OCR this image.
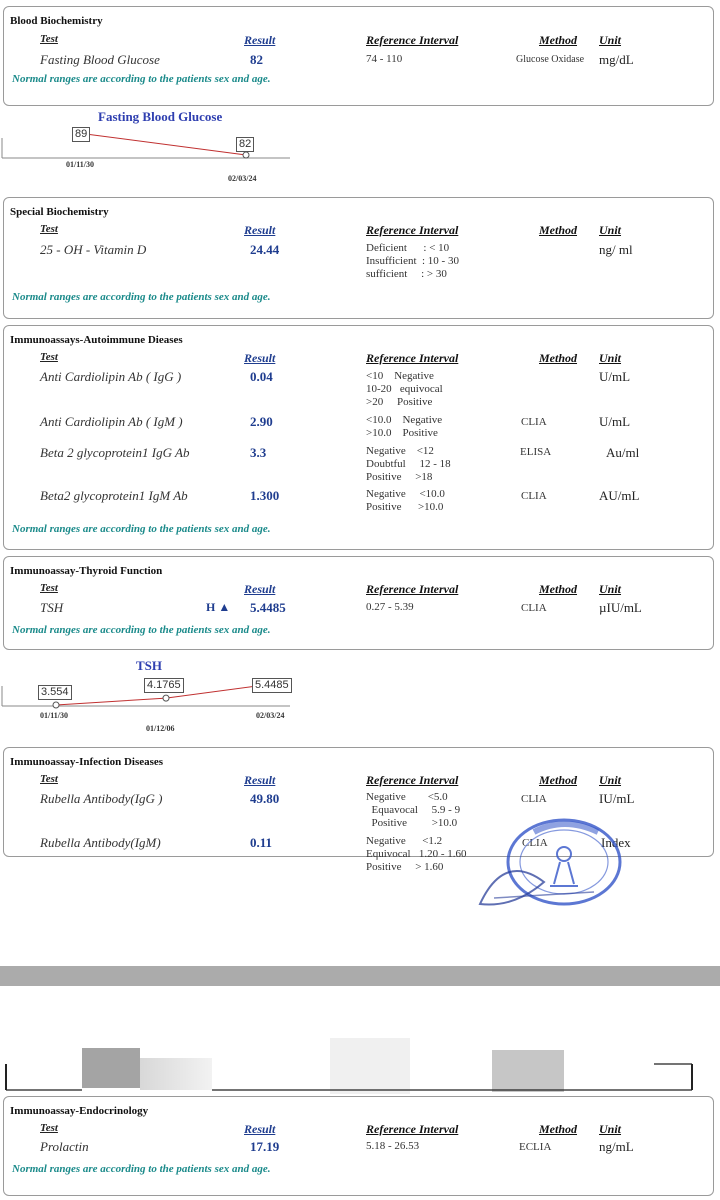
Blood Biochemistry
Test	Result	Reference Interval	Method Unit
Fasting Blood Glucose	82	74 - 110	Glucose Oxidase mg/dL
Normal ranges are according to the patients sex and age.
Fasting Blood Glucose
89
82
01/11/30
02/03/24
Special Biochemistry
Test	Result	Reference Interval	Method Unit
25 - OH - Vitamin D	24.44	Deficient      : < 10
Insufficient  : 10 - 30
sufficient     : > 30
ng/ ml
Normal ranges are according to the patients sex and age.
Immunoassays-Autoimmune Dieases
Test	Result	Reference Interval	Method Unit
Anti Cardiolipin Ab ( IgG )	0.04	<10    Negative
10-20   equivocal
>20     Positive
U/mL
Anti Cardiolipin Ab ( IgM )	2.90	<10.0    Negative
>10.0    Positive
CLIA	U/mL
Beta 2 glycoprotein1 IgG Ab	3.3	Negative    <12
Doubtful     12 - 18
Positive     >18
ELISA	Au/ml
Beta2 glycoprotein1 IgM Ab	1.300	Negative     <10.0
Positive      >10.0
CLIA	AU/mL
Normal ranges are according to the patients sex and age.
Immunoassay-Thyroid Function
Test	Result	Reference Interval	Method Unit
TSH	H ▲ 5.4485	0.27 - 5.39	CLIA	µIU/mL
Normal ranges are according to the patients sex and age.
TSH
3.554
4.1765	5.4485
01/11/30
01/12/06
02/03/24
Immunoassay-Infection Diseases
Test	Result	Reference Interval	Method Unit
Rubella Antibody(IgG )	49.80	Negative        <5.0
Equavocal     5.9 - 9
Positive         >10.0
CLIA	IU/mL
Rubella Antibody(IgM)	0.11	Negative      <1.2
Equivocal   1.20 - 1.60
Positive     > 1.60
CLIA	Index
Immunoassay-Endocrinology
Test	Result	Reference Interval	Method Unit
Prolactin	17.19	5.18 - 26.53	ECLIA	ng/mL
Normal ranges are according to the patients sex and age.
